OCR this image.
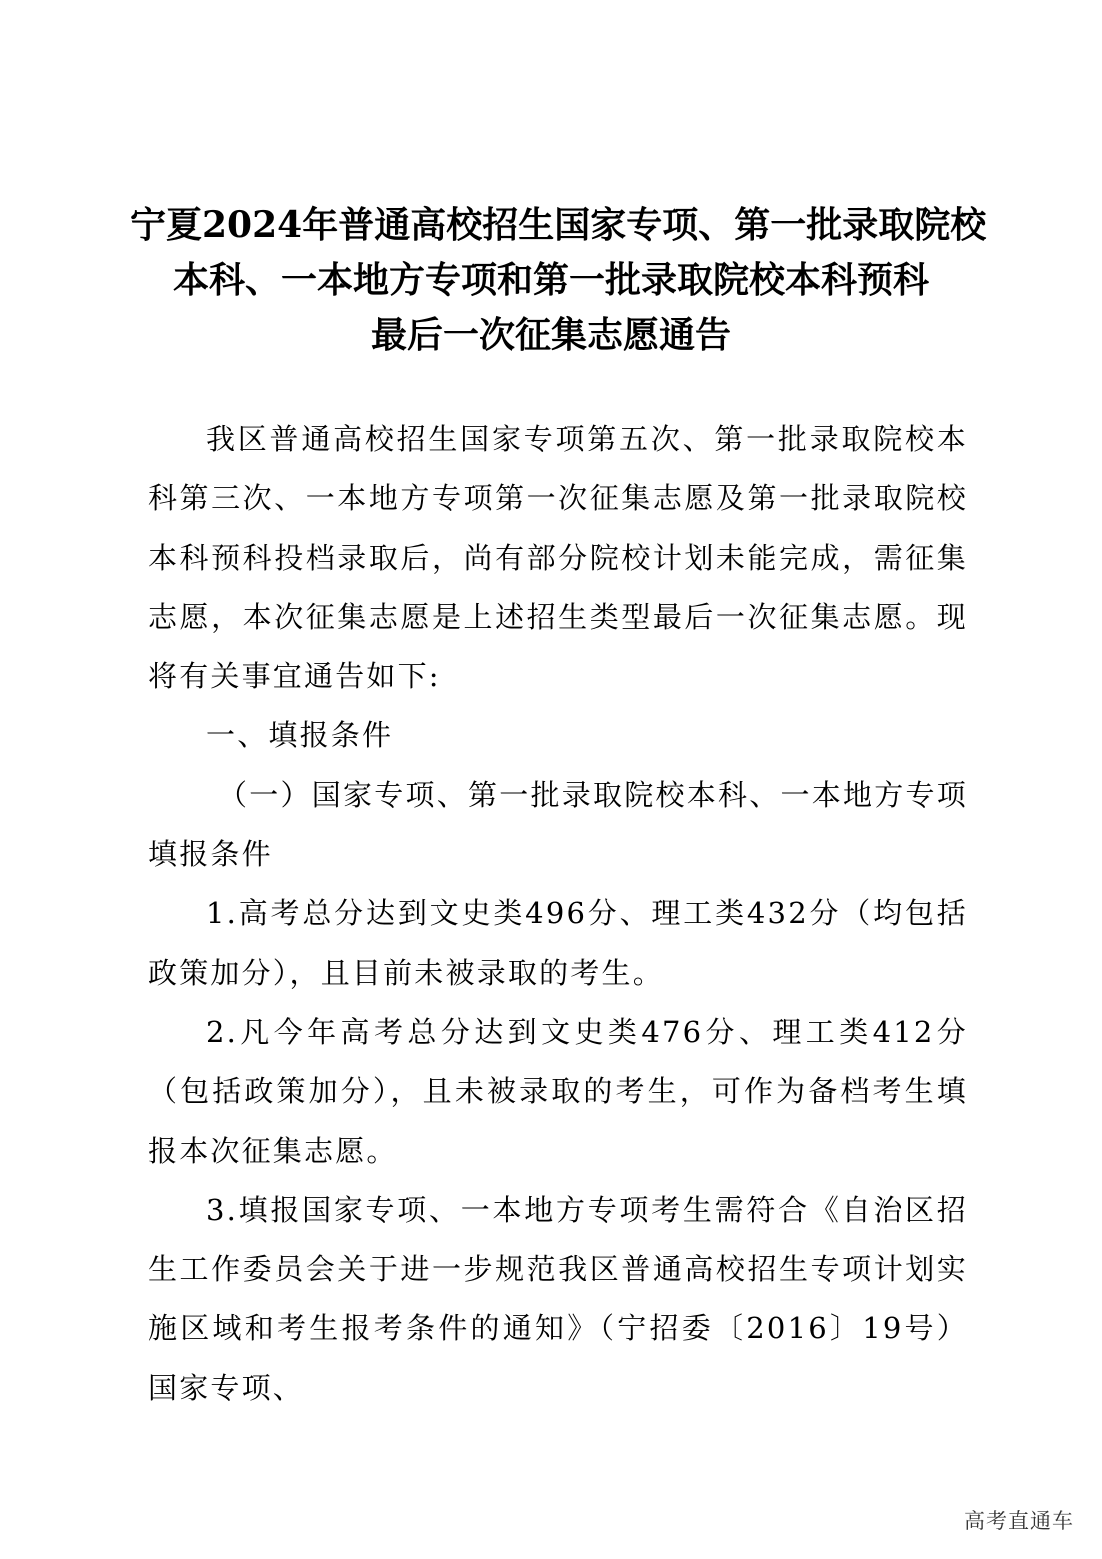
宁夏2024年普通高校招生国家专项、第一批录取院校
本科、一本地方专项和第一批录取院校本科预科
最后一次征集志愿通告

我区普通高校招生国家专项第五次、第一批录取院校本科第三次、一本地方专项第一次征集志愿及第一批录取院校本科预科投档录取后，尚有部分院校计划未能完成，需征集志愿，本次征集志愿是上述招生类型最后一次征集志愿。现将有关事宜通告如下:

一、填报条件

（一）国家专项、第一批录取院校本科、一本地方专项填报条件

1.高考总分达到文史类496分、理工类432分（均包括政策加分），且目前未被录取的考生。

2.凡今年高考总分达到文史类476分、理工类412分（包括政策加分），且未被录取的考生，可作为备档考生填报本次征集志愿。

3.填报国家专项、一本地方专项考生需符合《自治区招生工作委员会关于进一步规范我区普通高校招生专项计划实施区域和考生报考条件的通知》（宁招委〔2016〕19号）国家专项、

高考直通车
